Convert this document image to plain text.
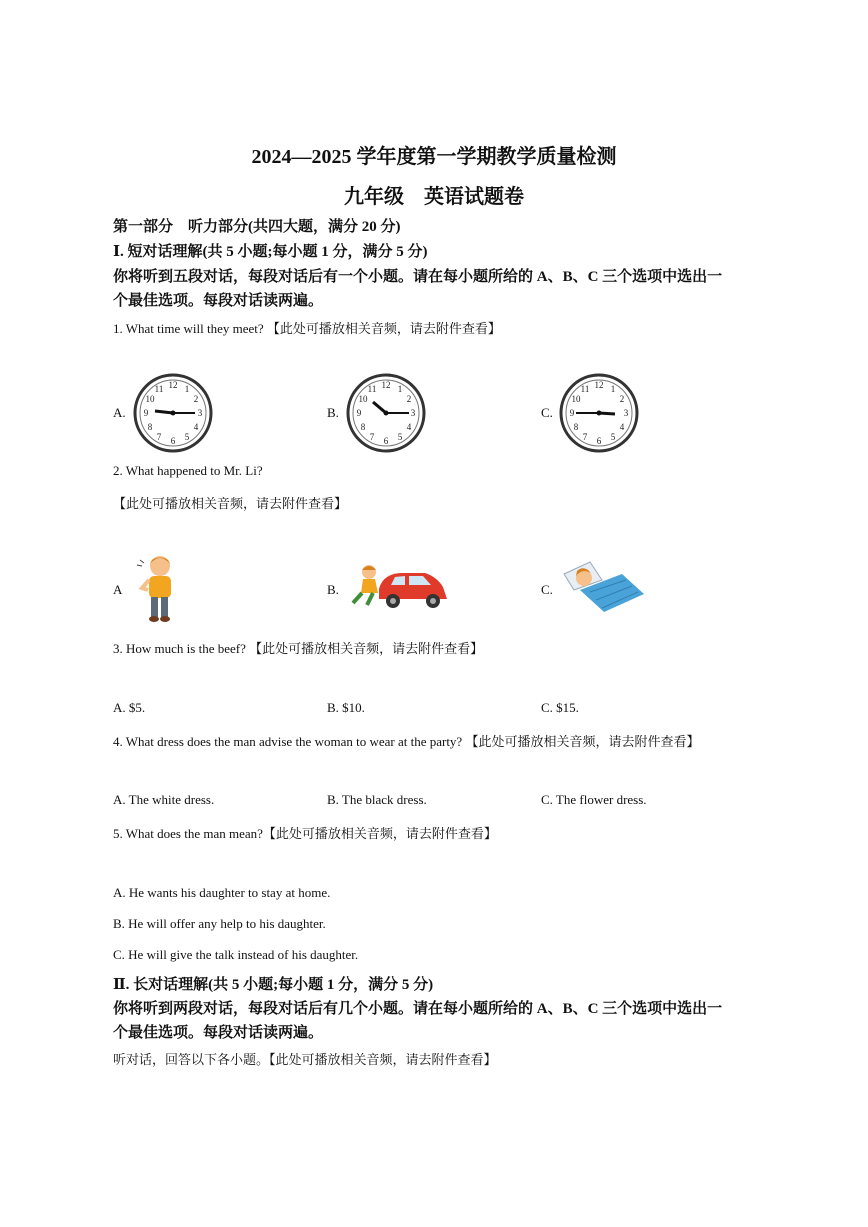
2024—2025 学年度第一学期教学质量检测
九年级　英语试题卷
第一部分　听力部分(共四大题，满分 20 分)
Ⅰ. 短对话理解(共 5 小题;每小题 1 分，满分 5 分)
你将听到五段对话，每段对话后有一个小题。请在每小题所给的 A、B、C 三个选项中选出一
个最佳选项。每段对话读两遍。
1. What time will they meet? 【此处可播放相关音频，请去附件查看】
A.	B.	C.
12 1
2
3
4
5
6
7
8
9
10
11	12 1
2
3
4
5
6
7
8
9
10
11	12 1
2
3
4
5
6
7
8
9
10
11
2. What happened to Mr. Li?
【此处可播放相关音频，请去附件查看】
A	B.	C.
3. How much is the beef? 【此处可播放相关音频，请去附件查看】
A. $5.	B. $10.	C. $15.
4. What dress does the man advise the woman to wear at the party? 【此处可播放相关音频，请去附件查看】
A. The white dress.	B. The black dress.	C. The flower dress.
5. What does the man mean?【此处可播放相关音频，请去附件查看】
A. He wants his daughter to stay at home.
B. He will offer any help to his daughter.
C. He will give the talk instead of his daughter.
Ⅱ. 长对话理解(共 5 小题;每小题 1 分，满分 5 分)
你将听到两段对话，每段对话后有几个小题。请在每小题所给的 A、B、C 三个选项中选出一
个最佳选项。每段对话读两遍。
听对话，回答以下各小题。【此处可播放相关音频，请去附件查看】
